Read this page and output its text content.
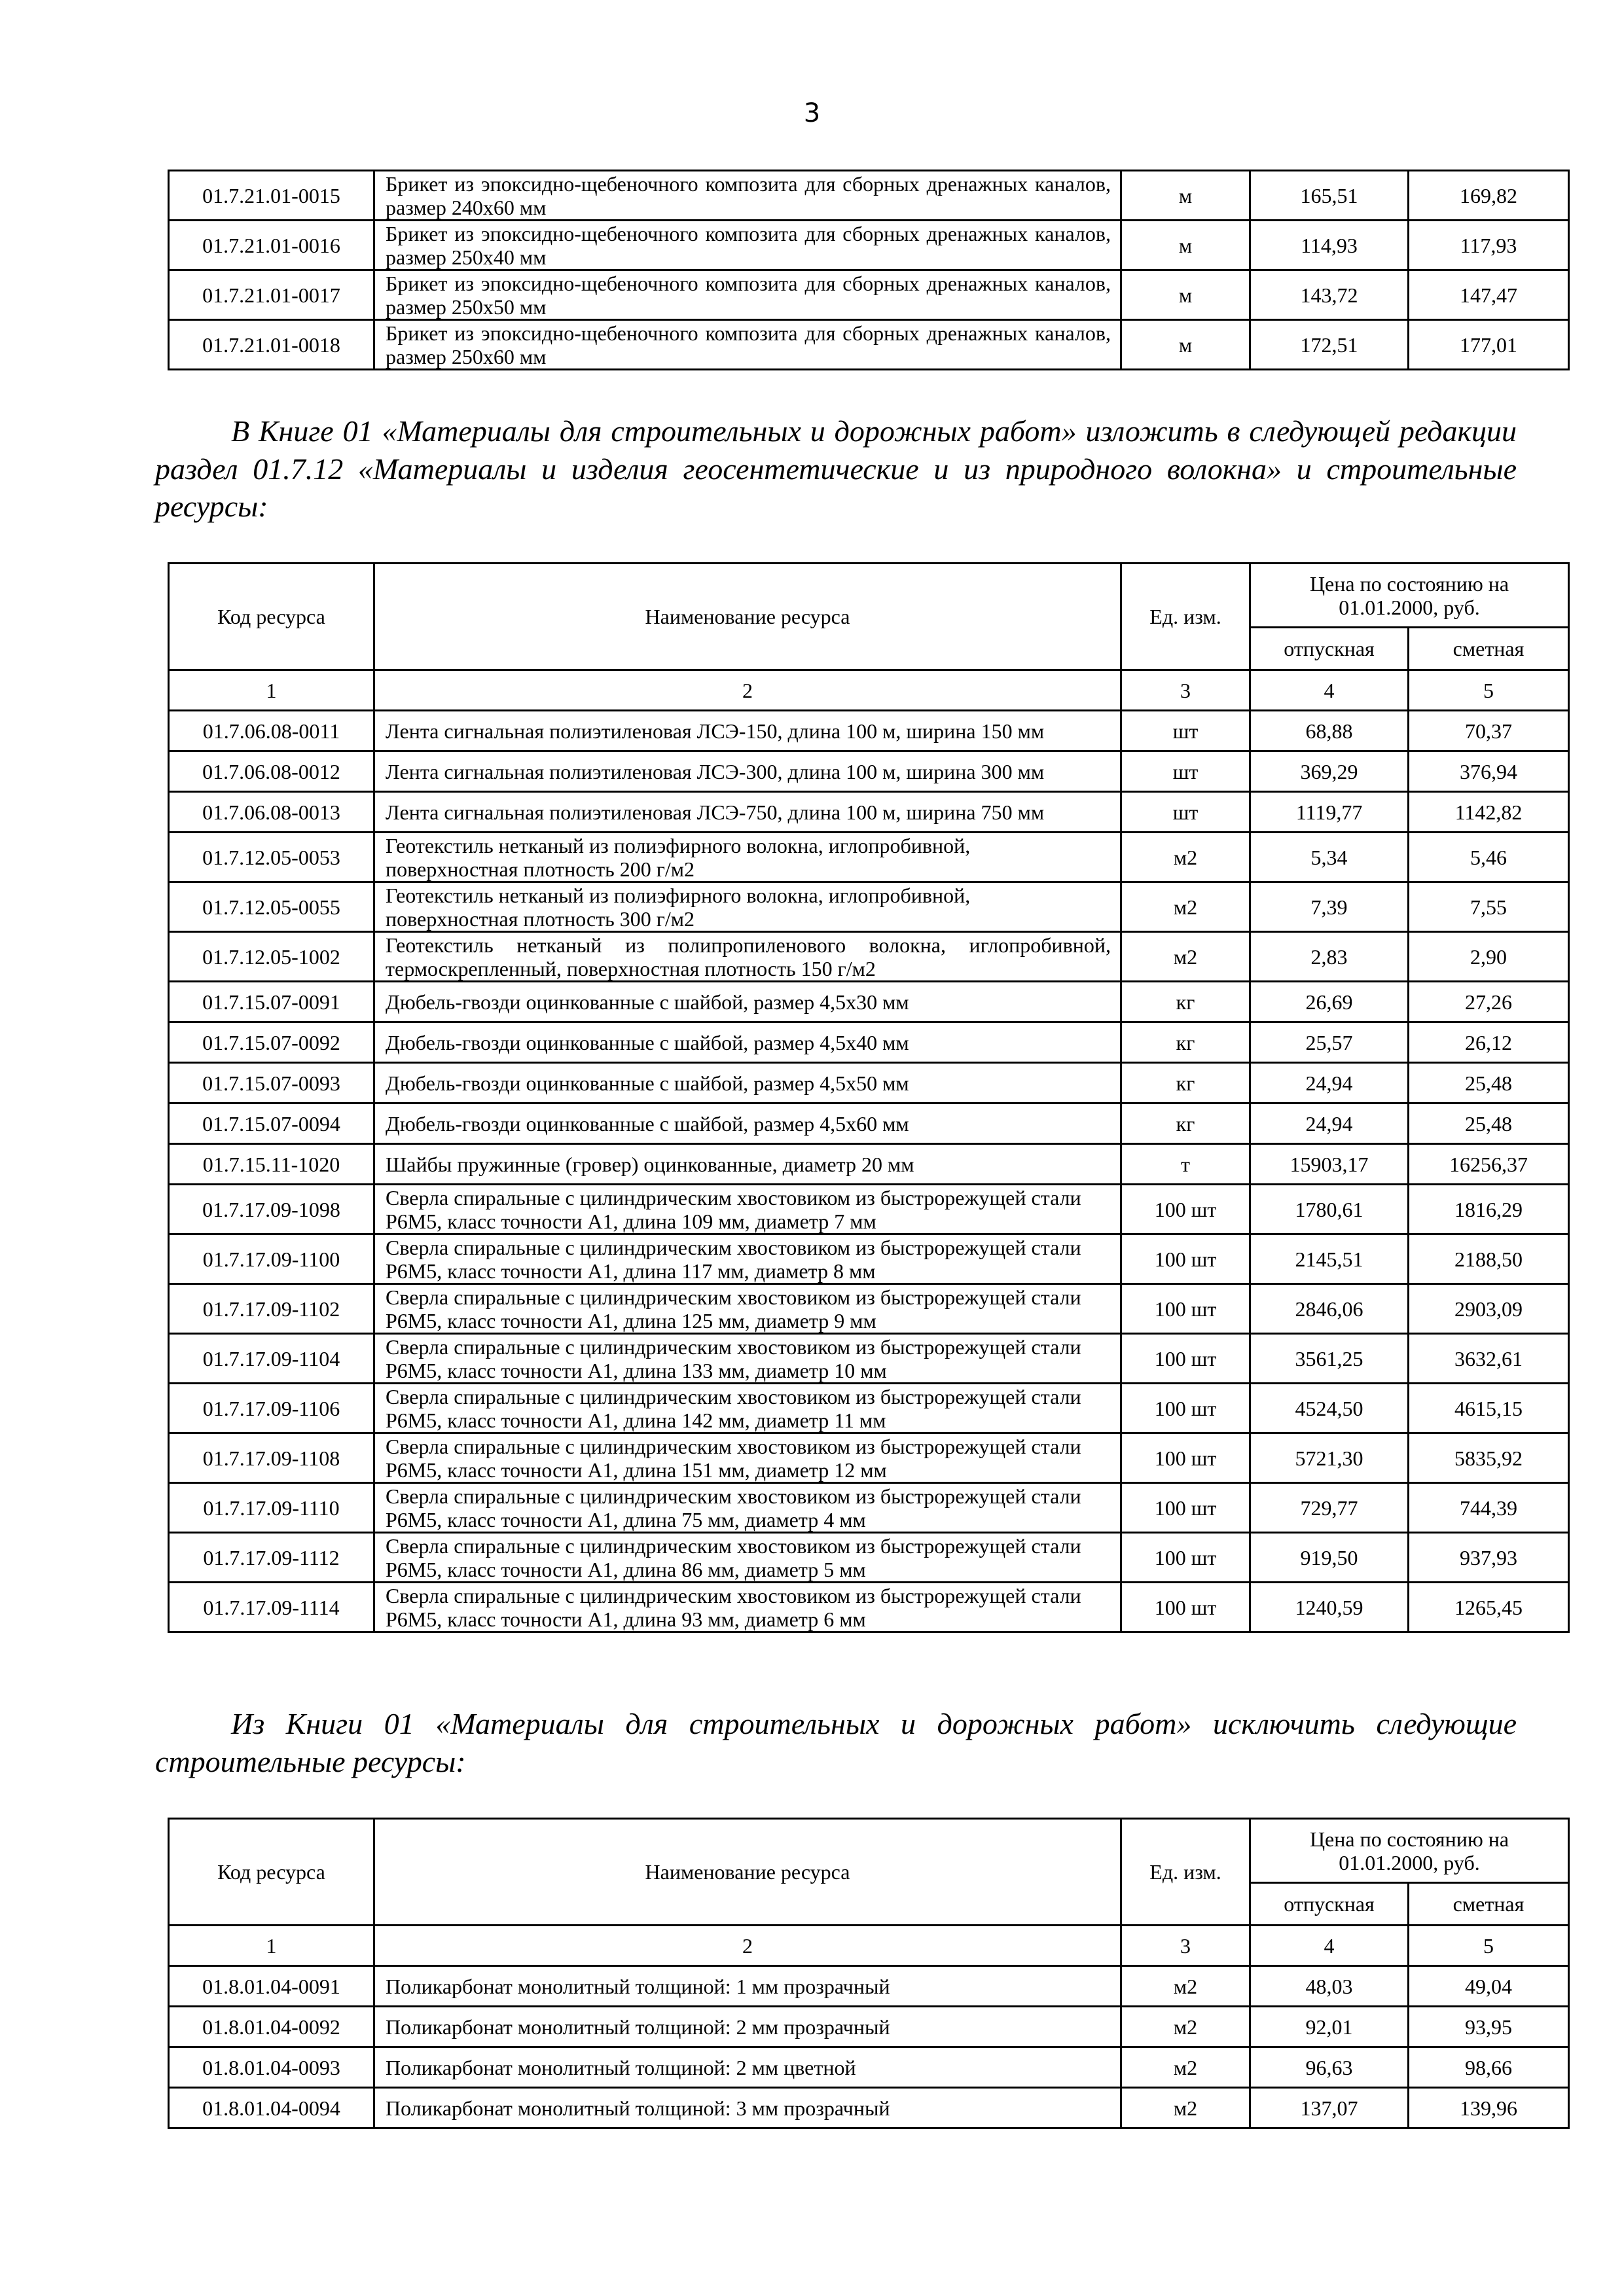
3
01.7.21.01-0015	Брикет из эпоксидно-щебеночного композита для сборных дренажных каналов, размер 240х60 мм	м	165,51	169,82
01.7.21.01-0016	Брикет из эпоксидно-щебеночного композита для сборных дренажных каналов, размер 250х40 мм	м	114,93	117,93
01.7.21.01-0017	Брикет из эпоксидно-щебеночного композита для сборных дренажных каналов, размер 250х50 мм	м	143,72	147,47
01.7.21.01-0018	Брикет из эпоксидно-щебеночного композита для сборных дренажных каналов, размер 250х60 мм	м	172,51	177,01
В Книге 01 «Материалы для строительных и дорожных работ» изложить в следующей редакции раздел 01.7.12 «Материалы и изделия геосентетические и из природного волокна» и строительные ресурсы:
Код ресурса	Наименование ресурса	Ед. изм.	Цена по состоянию на 01.01.2000, руб.	
			отпускная	сметная
1	2	3	4	5
01.7.06.08-0011	Лента сигнальная полиэтиленовая ЛСЭ-150, длина 100 м, ширина 150 мм	шт	68,88	70,37
01.7.06.08-0012	Лента сигнальная полиэтиленовая ЛСЭ-300, длина 100 м, ширина 300 мм	шт	369,29	376,94
01.7.06.08-0013	Лента сигнальная полиэтиленовая ЛСЭ-750, длина 100 м, ширина 750 мм	шт	1119,77	1142,82
01.7.12.05-0053	Геотекстиль нетканый из полиэфирного волокна, иглопробивной, поверхностная плотность 200 г/м2	м2	5,34	5,46
01.7.12.05-0055	Геотекстиль нетканый из полиэфирного волокна, иглопробивной, поверхностная плотность 300 г/м2	м2	7,39	7,55
01.7.12.05-1002	Геотекстиль нетканый из полипропиленового волокна, иглопробивной, термоскрепленный, поверхностная плотность 150 г/м2	м2	2,83	2,90
01.7.15.07-0091	Дюбель-гвозди оцинкованные с шайбой, размер 4,5х30 мм	кг	26,69	27,26
01.7.15.07-0092	Дюбель-гвозди оцинкованные с шайбой, размер 4,5х40 мм	кг	25,57	26,12
01.7.15.07-0093	Дюбель-гвозди оцинкованные с шайбой, размер 4,5х50 мм	кг	24,94	25,48
01.7.15.07-0094	Дюбель-гвозди оцинкованные с шайбой, размер 4,5х60 мм	кг	24,94	25,48
01.7.15.11-1020	Шайбы пружинные (гровер) оцинкованные, диаметр 20 мм	т	15903,17	16256,37
01.7.17.09-1098	Сверла спиральные с цилиндрическим хвостовиком из быстрорежущей стали Р6М5, класс точности А1, длина 109 мм, диаметр 7 мм	100 шт	1780,61	1816,29
01.7.17.09-1100	Сверла спиральные с цилиндрическим хвостовиком из быстрорежущей стали Р6М5, класс точности А1, длина 117 мм, диаметр 8 мм	100 шт	2145,51	2188,50
01.7.17.09-1102	Сверла спиральные с цилиндрическим хвостовиком из быстрорежущей стали Р6М5, класс точности А1, длина 125 мм, диаметр 9 мм	100 шт	2846,06	2903,09
01.7.17.09-1104	Сверла спиральные с цилиндрическим хвостовиком из быстрорежущей стали Р6М5, класс точности А1, длина 133 мм, диаметр 10 мм	100 шт	3561,25	3632,61
01.7.17.09-1106	Сверла спиральные с цилиндрическим хвостовиком из быстрорежущей стали Р6М5, класс точности А1, длина 142 мм, диаметр 11 мм	100 шт	4524,50	4615,15
01.7.17.09-1108	Сверла спиральные с цилиндрическим хвостовиком из быстрорежущей стали Р6М5, класс точности А1, длина 151 мм, диаметр 12 мм	100 шт	5721,30	5835,92
01.7.17.09-1110	Сверла спиральные с цилиндрическим хвостовиком из быстрорежущей стали Р6М5, класс точности А1, длина 75 мм, диаметр 4 мм	100 шт	729,77	744,39
01.7.17.09-1112	Сверла спиральные с цилиндрическим хвостовиком из быстрорежущей стали Р6М5, класс точности А1, длина 86 мм, диаметр 5 мм	100 шт	919,50	937,93
01.7.17.09-1114	Сверла спиральные с цилиндрическим хвостовиком из быстрорежущей стали Р6М5, класс точности А1, длина 93 мм, диаметр 6 мм	100 шт	1240,59	1265,45
Из Книги 01 «Материалы для строительных и дорожных работ» исключить следующие строительные ресурсы:
Код ресурса	Наименование ресурса	Ед. изм.	Цена по состоянию на 01.01.2000, руб.	
			отпускная	сметная
1	2	3	4	5
01.8.01.04-0091	Поликарбонат монолитный толщиной: 1 мм прозрачный	м2	48,03	49,04
01.8.01.04-0092	Поликарбонат монолитный толщиной: 2 мм прозрачный	м2	92,01	93,95
01.8.01.04-0093	Поликарбонат монолитный толщиной: 2 мм цветной	м2	96,63	98,66
01.8.01.04-0094	Поликарбонат монолитный толщиной: 3 мм прозрачный	м2	137,07	139,96
